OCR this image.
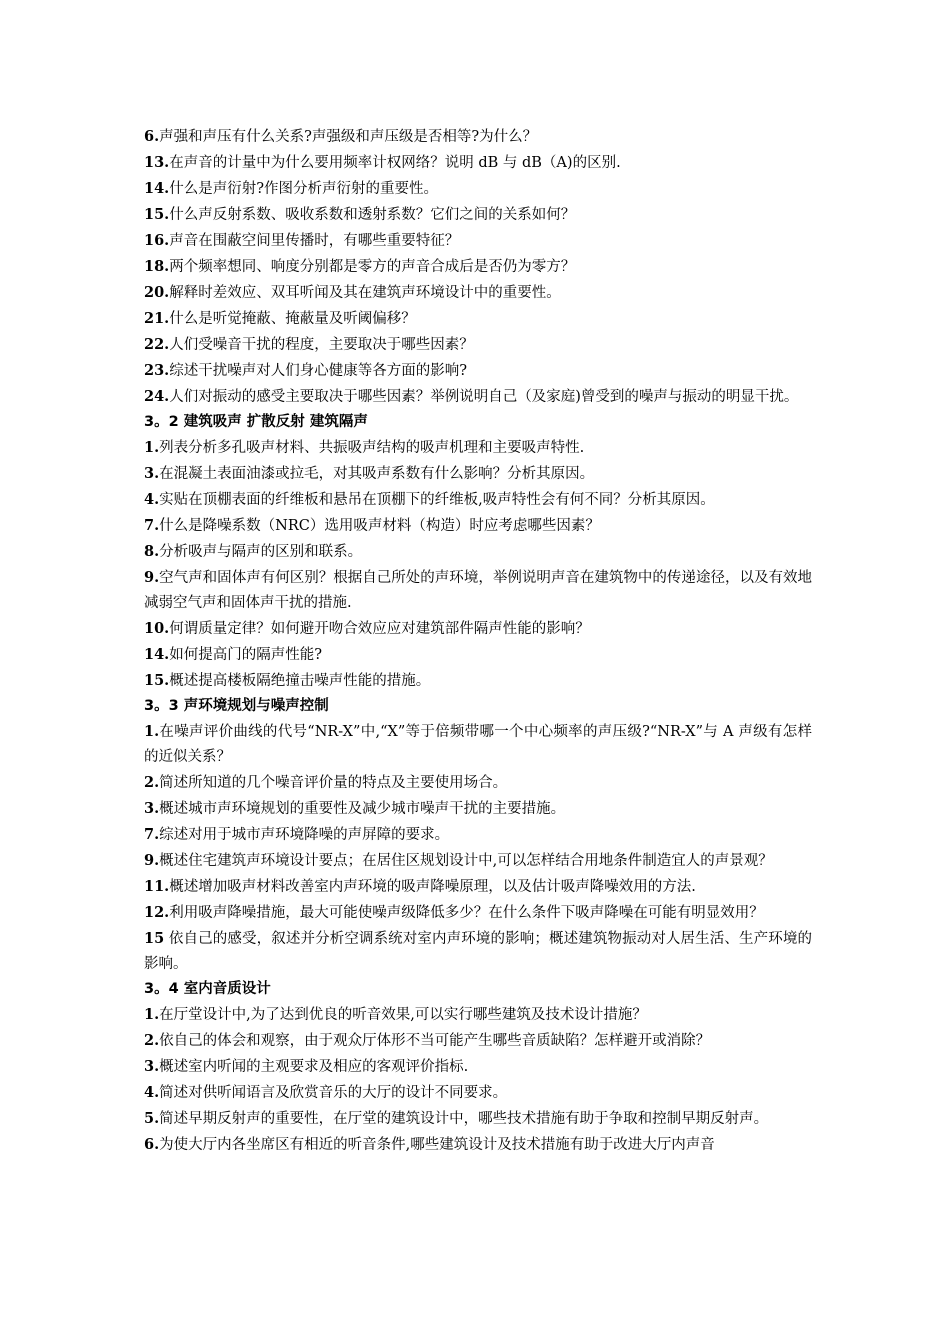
6.声强和声压有什么关系?声强级和声压级是否相等?为什么？

13.在声音的计量中为什么要用频率计权网络？说明 dB 与 dB（A)的区别.

14.什么是声衍射?作图分析声衍射的重要性。

15.什么声反射系数、吸收系数和透射系数？它们之间的关系如何？

16.声音在围蔽空间里传播时，有哪些重要特征？

18.两个频率想同、响度分别都是零方的声音合成后是否仍为零方？

20.解释时差效应、双耳听闻及其在建筑声环境设计中的重要性。

21.什么是听觉掩蔽、掩蔽量及听阈偏移？

22.人们受噪音干扰的程度，主要取决于哪些因素？

23.综述干扰噪声对人们身心健康等各方面的影响?

24.人们对振动的感受主要取决于哪些因素？举例说明自己（及家庭)曾受到的噪声与振动的明显干扰。

3。2 建筑吸声 扩散反射 建筑隔声

1.列表分析多孔吸声材料、共振吸声结构的吸声机理和主要吸声特性.

3.在混凝土表面油漆或拉毛，对其吸声系数有什么影响？分析其原因。

4.实贴在顶棚表面的纤维板和悬吊在顶棚下的纤维板,吸声特性会有何不同？分析其原因。

7.什么是降噪系数（NRC）选用吸声材料（构造）时应考虑哪些因素？

8.分析吸声与隔声的区别和联系。

9.空气声和固体声有何区别？根据自己所处的声环境，举例说明声音在建筑物中的传递途径，以及有效地减弱空气声和固体声干扰的措施.

10.何谓质量定律？如何避开吻合效应应对建筑部件隔声性能的影响？

14.如何提高门的隔声性能?

15.概述提高楼板隔绝撞击噪声性能的措施。

3。3 声环境规划与噪声控制

1.在噪声评价曲线的代号“NR-X”中,“X”等于倍频带哪一个中心频率的声压级?“NR-X”与 A 声级有怎样的近似关系？

2.简述所知道的几个噪音评价量的特点及主要使用场合。

3.概述城市声环境规划的重要性及减少城市噪声干扰的主要措施。

7.综述对用于城市声环境降噪的声屏障的要求。

9.概述住宅建筑声环境设计要点；在居住区规划设计中,可以怎样结合用地条件制造宜人的声景观？

11.概述增加吸声材料改善室内声环境的吸声降噪原理，以及估计吸声降噪效用的方法.

12.利用吸声降噪措施，最大可能使噪声级降低多少？在什么条件下吸声降噪在可能有明显效用？

15 依自己的感受，叙述并分析空调系统对室内声环境的影响；概述建筑物振动对人居生活、生产环境的影响。

3。4 室内音质设计

1.在厅堂设计中,为了达到优良的听音效果,可以实行哪些建筑及技术设计措施？

2.依自己的体会和观察，由于观众厅体形不当可能产生哪些音质缺陷？怎样避开或消除？

3.概述室内听闻的主观要求及相应的客观评价指标.

4.简述对供听闻语言及欣赏音乐的大厅的设计不同要求。

5.简述早期反射声的重要性，在厅堂的建筑设计中，哪些技术措施有助于争取和控制早期反射声。

6.为使大厅内各坐席区有相近的听音条件,哪些建筑设计及技术措施有助于改进大厅内声音
